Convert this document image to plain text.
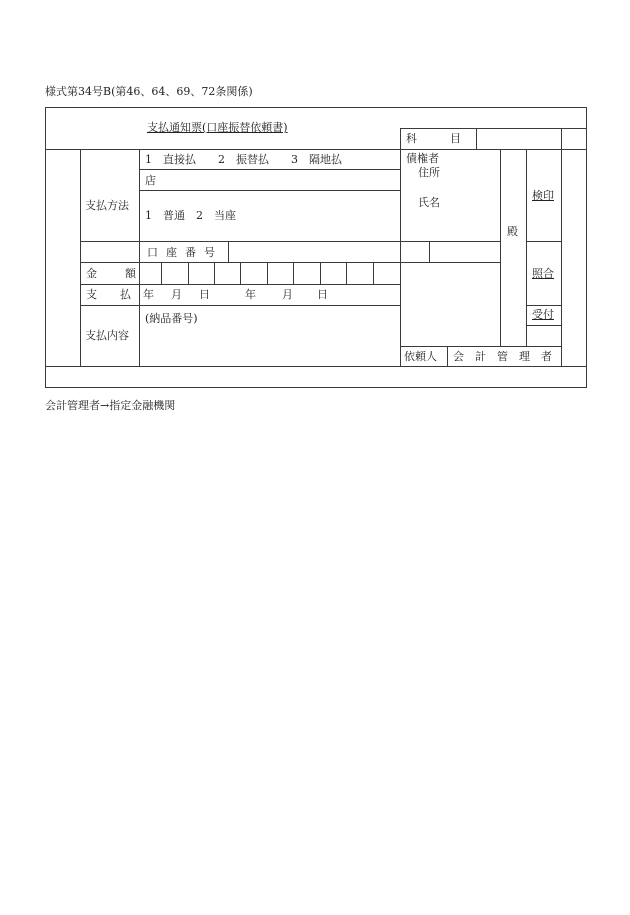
様式第34号B(第46、64、69、72条関係)
支払通知票(口座振替依頼書)
科　　　目
支払方法
1　直接払　　2　振替払　　3　隔地払
店
1　普通　2　当座
口座番号
債権者
住所
氏名
殿
検印
照合
受付
金　　額
支　払 年 月 日	年 月 日
支払内容
(納品番号)
依頼人 会　計　管　理　者
会計管理者→指定金融機関
